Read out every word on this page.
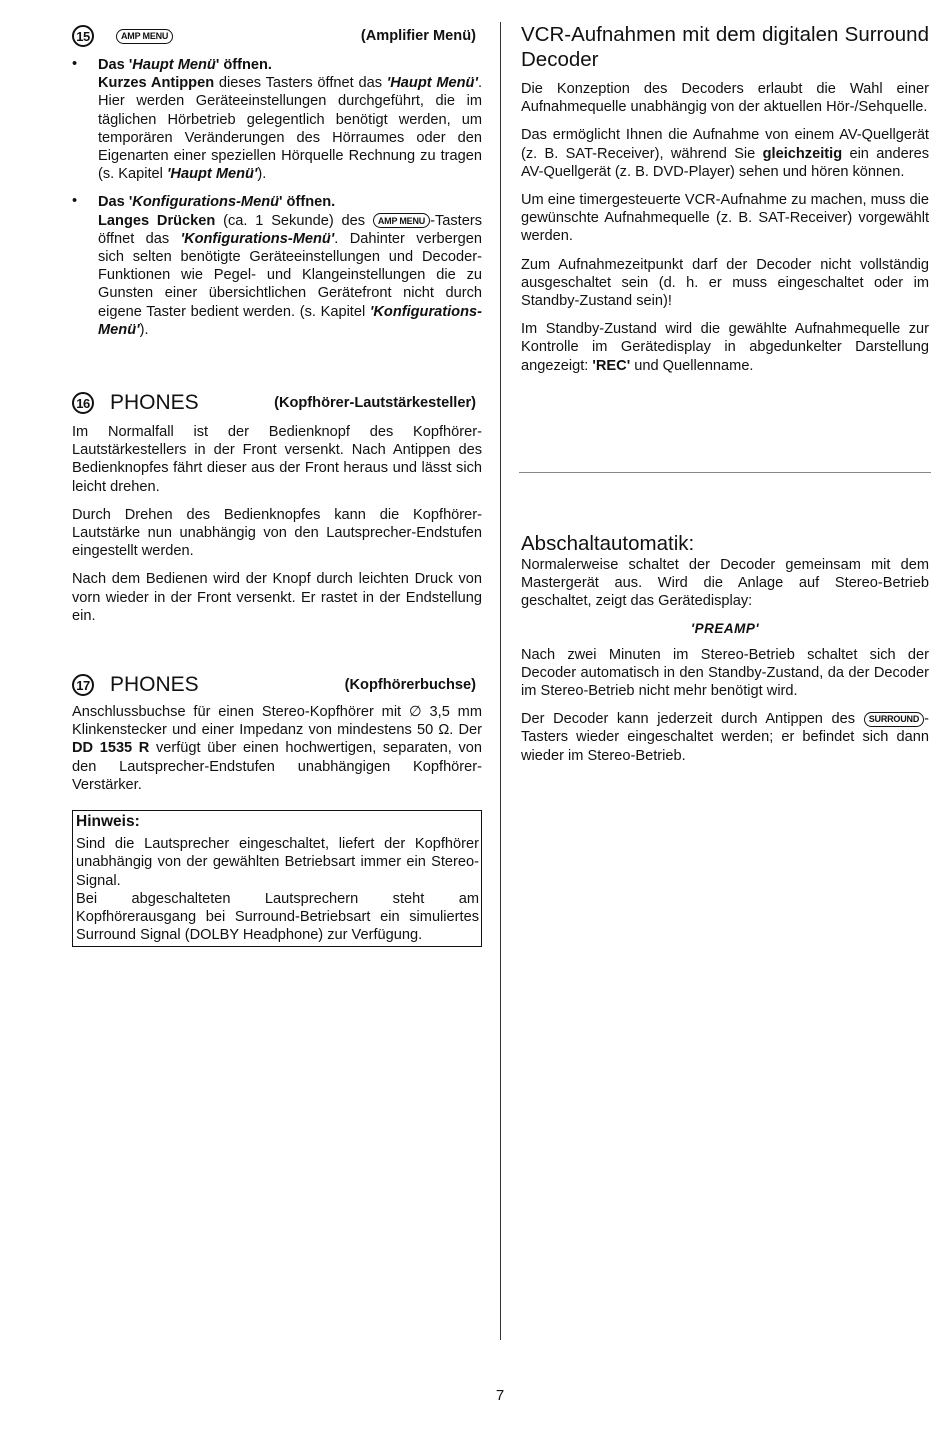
15	AMP MENU	(Amplifier Menü)
• Das 'Haupt Menü' öffnen.

Kurzes Antippen dieses Tasters öffnet das 'Haupt Menü'. Hier werden Geräteeinstellungen durchgeführt, die im täglichen Hörbetrieb gelegentlich benötigt werden, um temporären Veränderungen des Hörraumes oder den Eigenarten einer speziellen Hörquelle Rechnung zu tragen (s. Kapitel 'Haupt Menü').

• Das 'Konfigurations-Menü' öffnen.

Langes Drücken (ca. 1 Sekunde) des AMP MENU -Tasters öffnet das 'Konfigurations-Menü'. Dahinter verbergen sich selten benötigte Geräteeinstellungen und Decoder-Funktionen wie Pegel- und Klangeinstellungen die zu Gunsten einer übersichtlichen Gerätefront nicht durch eigene Taster bedient werden. (s. Kapitel 'Konfigurations-Menü').

16 PHONES	(Kopfhörer-Lautstärkesteller)

Im Normalfall ist der Bedienknopf des Kopfhörer-Lautstärkestellers in der Front versenkt. Nach Antippen des Bedienknopfes fährt dieser aus der Front heraus und lässt sich leicht drehen.

Durch Drehen des Bedienknopfes kann die Kopfhörer-Lautstärke nun unabhängig von den Lautsprecher-Endstufen eingestellt werden.

Nach dem Bedienen wird der Knopf durch leichten Druck von vorn wieder in der Front versenkt. Er rastet in der Endstellung ein.

17 PHONES	(Kopfhörerbuchse)

Anschlussbuchse für einen Stereo-Kopfhörer mit ∅ 3,5 mm Klinkenstecker und einer Impedanz von mindestens 50 Ω. Der DD 1535 R verfügt über einen hochwertigen, separaten, von den Lautsprecher-Endstufen unabhängigen Kopfhörer-Verstärker.

Hinweis:

Sind die Lautsprecher eingeschaltet, liefert der Kopfhörer unabhängig von der gewählten Betriebsart immer ein Stereo-Signal.

Bei abgeschalteten Lautsprechern steht am Kopfhörerausgang bei Surround-Betriebsart ein simuliertes Surround Signal (DOLBY Headphone) zur Verfügung.

VCR-Aufnahmen mit dem digitalen Surround Decoder

Die Konzeption des Decoders erlaubt die Wahl einer Aufnahmequelle unabhängig von der aktuellen Hör-/Sehquelle.

Das ermöglicht Ihnen die Aufnahme von einem AV-Quellgerät (z. B. SAT-Receiver), während Sie gleichzeitig ein anderes AV-Quellgerät (z. B. DVD-Player) sehen und hören können.

Um eine timergesteuerte VCR-Aufnahme zu machen, muss die gewünschte Aufnahmequelle (z. B. SAT-Receiver) vorgewählt werden.

Zum Aufnahmezeitpunkt darf der Decoder nicht vollständig ausgeschaltet sein (d. h. er muss eingeschaltet oder im Standby-Zustand sein)!

Im Standby-Zustand wird die gewählte Aufnahmequelle zur Kontrolle im Gerätedisplay in abgedunkelter Darstellung angezeigt: 'REC' und Quellenname.

Abschaltautomatik:

Normalerweise schaltet der Decoder gemeinsam mit dem Mastergerät aus. Wird die Anlage auf Stereo-Betrieb geschaltet, zeigt das Gerätedisplay:

'PREAMP'

Nach zwei Minuten im Stereo-Betrieb schaltet sich der Decoder automatisch in den Standby-Zustand, da der Decoder im Stereo-Betrieb nicht mehr benötigt wird.

Der Decoder kann jederzeit durch Antippen des SURROUND -Tasters wieder eingeschaltet werden; er befindet sich dann wieder im Stereo-Betrieb.

7
